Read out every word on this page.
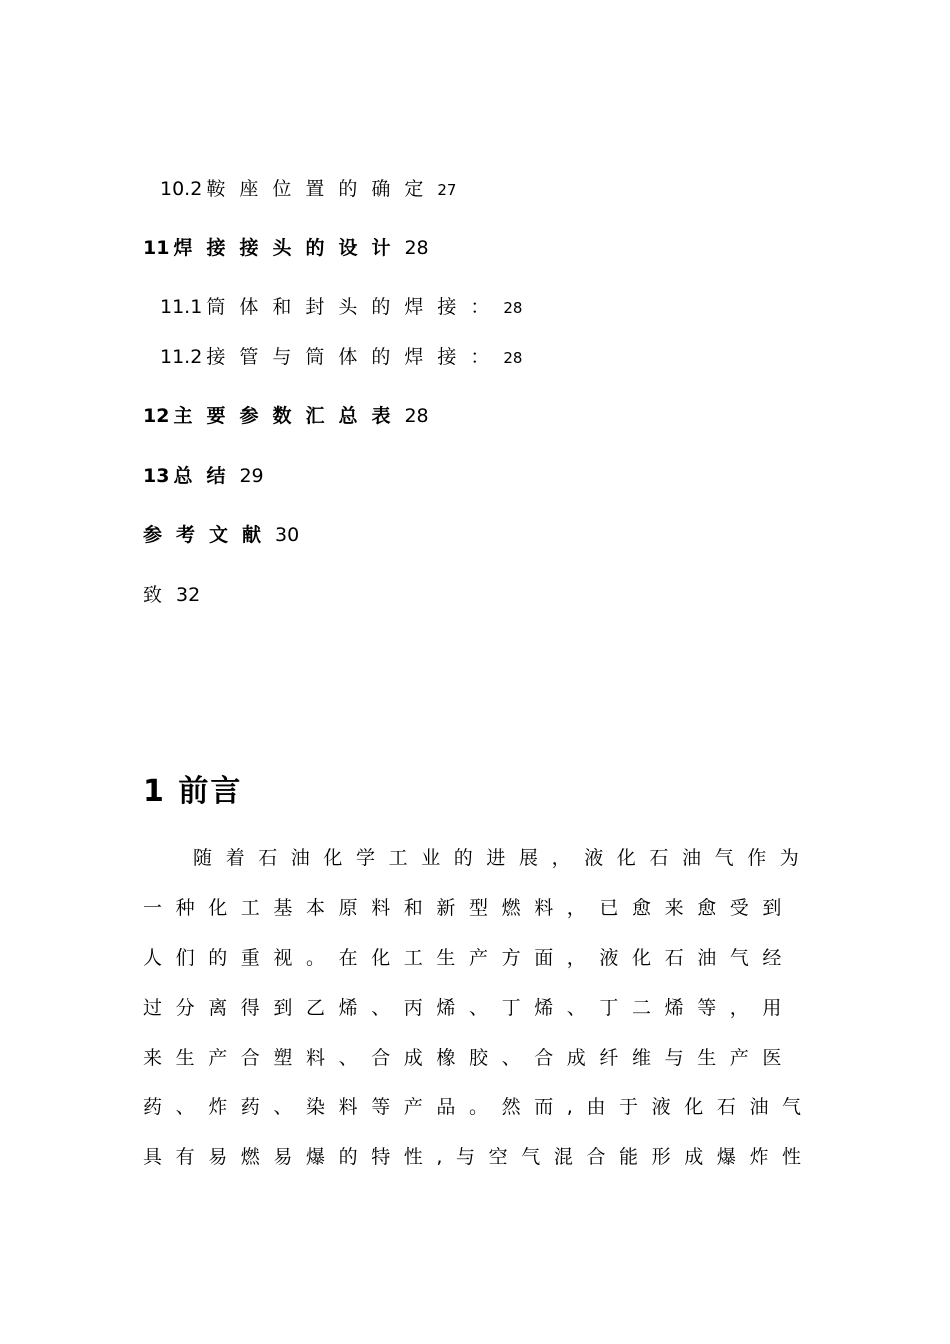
10.2 鞍座位置的确定27
11 焊接接头的设计28
11.1 筒体和封头的焊接：28
11.2 接管与筒体的焊接：28
12 主要参数汇总表28
13 总结29
参考文献30
致32
1 前言
随着石油化学工业的进展，液化石油气作为
一种化工基本原料和新型燃料，已愈来愈受到
人们的重视。在化工生产方面，液化石油气经
过分离得到乙烯、丙烯、丁烯、丁二烯等，用
来生产合塑料、合成橡胶、合成纤维与生产医
药、炸药、染料等产品。然而,由于液化石油气
具有易燃易爆的特性,与空气混合能形成爆炸性
